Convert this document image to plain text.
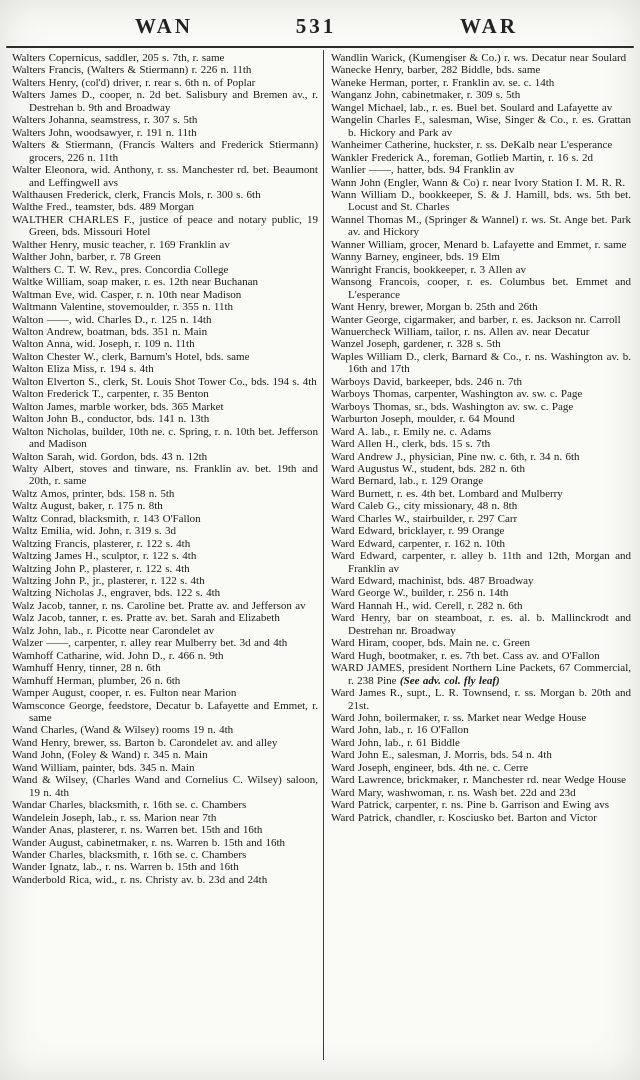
WAN	531	WAR
Walters Copernicus, saddler, 205 s. 7th, r. same
Walters Francis, (Walters & Stiermann) r. 226 n. 11th
Walters Henry, (col'd) driver, r. rear s. 6th n. of Poplar
Walters James D., cooper, n. 2d bet. Salisbury and Bremen av., r. Destrehan b. 9th and Broadway
Walters Johanna, seamstress, r. 307 s. 5th
Walters John, woodsawyer, r. 191 n. 11th
Walters & Stiermann, (Francis Walters and Frederick Stiermann) grocers, 226 n. 11th
Walter Eleonora, wid. Anthony, r. ss. Manchester rd. bet. Beaumont and Leffingwell avs
Walthausen Frederick, clerk, Francis Mols, r. 300 s. 6th
Walthe Fred., teamster, bds. 489 Morgan
WALTHER CHARLES F., justice of peace and notary public, 19 Green, bds. Missouri Hotel
Walther Henry, music teacher, r. 169 Franklin av
Walther John, barber, r. 78 Green
Walthers C. T. W. Rev., pres. Concordia College
Waltke William, soap maker, r. es. 12th near Buchanan
Waltman Eve, wid. Casper, r. n. 10th near Madison
Waltmann Valentine, stovemoulder, r. 355 n. 11th
Walton ——, wid. Charles D., r. 125 n. 14th
Walton Andrew, boatman, bds. 351 n. Main
Walton Anna, wid. Joseph, r. 109 n. 11th
Walton Chester W., clerk, Barnum's Hotel, bds. same
Walton Eliza Miss, r. 194 s. 4th
Walton Elverton S., clerk, St. Louis Shot Tower Co., bds. 194 s. 4th
Walton Frederick T., carpenter, r. 35 Benton
Walton James, marble worker, bds. 365 Market
Walton John B., conductor, bds. 141 n. 13th
Walton Nicholas, builder, 10th ne. c. Spring, r. n. 10th bet. Jefferson and Madison
Walton Sarah, wid. Gordon, bds. 43 n. 12th
Walty Albert, stoves and tinware, ns. Franklin av. bet. 19th and 20th, r. same
Waltz Amos, printer, bds. 158 n. 5th
Waltz August, baker, r. 175 n. 8th
Waltz Conrad, blacksmith, r. 143 O'Fallon
Waltz Emilia, wid. John, r. 319 s. 3d
Waltzing Francis, plasterer, r. 122 s. 4th
Waltzing James H., sculptor, r. 122 s. 4th
Waltzing John P., plasterer, r. 122 s. 4th
Waltzing John P., jr., plasterer, r. 122 s. 4th
Waltzing Nicholas J., engraver, bds. 122 s. 4th
Walz Jacob, tanner, r. ns. Caroline bet. Pratte av. and Jefferson av
Walz Jacob, tanner, r. es. Pratte av. bet. Sarah and Elizabeth
Walz John, lab., r. Picotte near Carondelet av
Walzer ——, carpenter, r. alley rear Mulberry bet. 3d and 4th
Wamhoff Catharine, wid. John D., r. 466 n. 9th
Wamhuff Henry, tinner, 28 n. 6th
Wamhuff Herman, plumber, 26 n. 6th
Wamper August, cooper, r. es. Fulton near Marion
Wamsconce George, feedstore, Decatur b. Lafayette and Emmet, r. same
Wand Charles, (Wand & Wilsey) rooms 19 n. 4th
Wand Henry, brewer, ss. Barton b. Carondelet av. and alley
Wand John, (Foley & Wand) r. 345 n. Main
Wand William, painter, bds. 345 n. Main
Wand & Wilsey, (Charles Wand and Cornelius C. Wilsey) saloon, 19 n. 4th
Wandar Charles, blacksmith, r. 16th se. c. Chambers
Wandelein Joseph, lab., r. ss. Marion near 7th
Wander Anas, plasterer, r. ns. Warren bet. 15th and 16th
Wander August, cabinetmaker, r. ns. Warren b. 15th and 16th
Wander Charles, blacksmith, r. 16th se. c. Chambers
Wander Ignatz, lab., r. ns. Warren b. 15th and 16th
Wanderbold Rica, wid., r. ns. Christy av. b. 23d and 24th
Wandlin Warick, (Kumengiser & Co.) r. ws. Decatur near Soulard
Wanecke Henry, barber, 282 Biddle, bds. same
Waneke Herman, porter, r. Franklin av. se. c. 14th
Wanganz John, cabinetmaker, r. 309 s. 5th
Wangel Michael, lab., r. es. Buel bet. Soulard and Lafayette av
Wangelin Charles F., salesman, Wise, Singer & Co., r. es. Grattan b. Hickory and Park av
Wanheimer Catherine, huckster, r. ss. DeKalb near L'esperance
Wankler Frederick A., foreman, Gotlieb Martin, r. 16 s. 2d
Wanlier ——, hatter, bds. 94 Franklin av
Wann John (Engler, Wann & Co) r. near Ivory Station I. M. R. R.
Wann William D., bookkeeper, S. & J. Hamill, bds. ws. 5th bet. Locust and St. Charles
Wannel Thomas M., (Springer & Wannel) r. ws. St. Ange bet. Park av. and Hickory
Wanner William, grocer, Menard b. Lafayette and Emmet, r. same
Wanny Barney, engineer, bds. 19 Elm
Wanright Francis, bookkeeper, r. 3 Allen av
Wansong Francois, cooper, r. es. Columbus bet. Emmet and L'esperance
Want Henry, brewer, Morgan b. 25th and 26th
Wanter George, cigarmaker, and barber, r. es. Jackson nr. Carroll
Wanuercheck William, tailor, r. ns. Allen av. near Decatur
Wanzel Joseph, gardener, r. 328 s. 5th
Waples William D., clerk, Barnard & Co., r. ns. Washington av. b. 16th and 17th
Warboys David, barkeeper, bds. 246 n. 7th
Warboys Thomas, carpenter, Washington av. sw. c. Page
Warboys Thomas, sr., bds. Washington av. sw. c. Page
Warburton Joseph, moulder, r. 64 Mound
Ward A. lab., r. Emily ne. c. Adams
Ward Allen H., clerk, bds. 15 s. 7th
Ward Andrew J., physician, Pine nw. c. 6th, r. 34 n. 6th
Ward Augustus W., student, bds. 282 n. 6th
Ward Bernard, lab., r. 129 Orange
Ward Burnett, r. es. 4th bet. Lombard and Mulberry
Ward Caleb G., city missionary, 48 n. 8th
Ward Charles W., stairbuilder, r. 297 Carr
Ward Edward, bricklayer, r. 99 Orange
Ward Edward, carpenter, r. 162 n. 10th
Ward Edward, carpenter, r. alley b. 11th and 12th, Morgan and Franklin av
Ward Edward, machinist, bds. 487 Broadway
Ward George W., builder, r. 256 n. 14th
Ward Hannah H., wid. Cerell, r. 282 n. 6th
Ward Henry, bar on steamboat, r. es. al. b. Mallinckrodt and Destrehan nr. Broadway
Ward Hiram, cooper, bds. Main ne. c. Green
Ward Hugh, bootmaker, r. es. 7th bet. Cass av. and O'Fallon
WARD JAMES, president Northern Line Packets, 67 Commercial, r. 238 Pine (See adv. col. fly leaf)
Ward James R., supt., L. R. Townsend, r. ss. Morgan b. 20th and 21st.
Ward John, boilermaker, r. ss. Market near Wedge House
Ward John, lab., r. 16 O'Fallon
Ward John, lab., r. 61 Biddle
Ward John E., salesman, J. Morris, bds. 54 n. 4th
Ward Joseph, engineer, bds. 4th ne. c. Cerre
Ward Lawrence, brickmaker, r. Manchester rd. near Wedge House
Ward Mary, washwoman, r. ns. Wash bet. 22d and 23d
Ward Patrick, carpenter, r. ns. Pine b. Garrison and Ewing avs
Ward Patrick, chandler, r. Kosciusko bet. Barton and Victor
